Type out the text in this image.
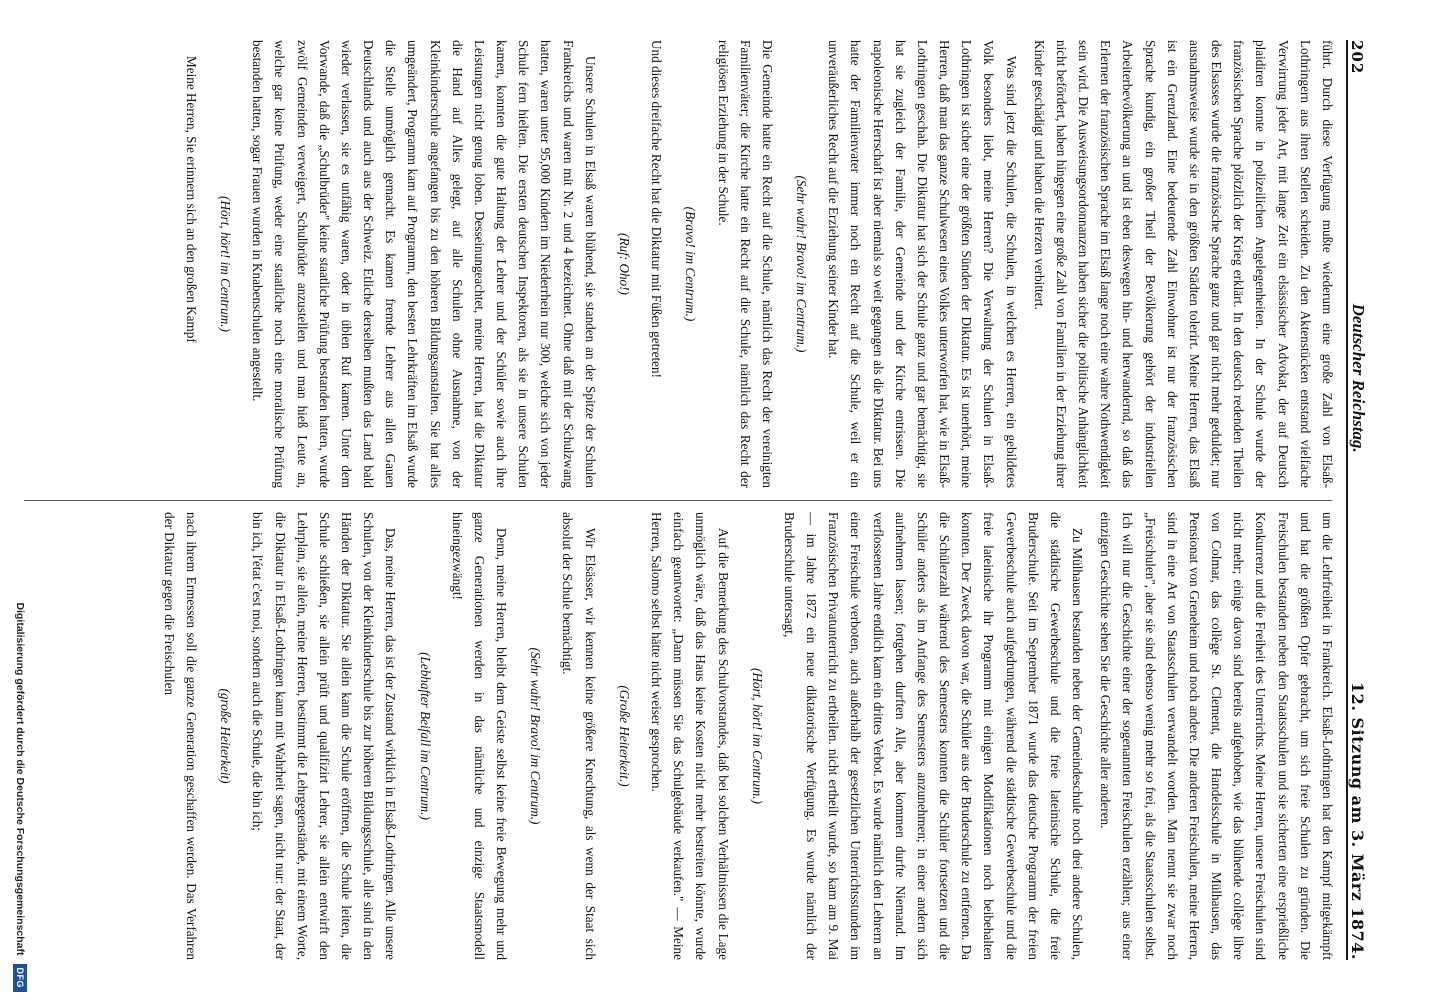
202
Deutscher Reichstag.
12. Sitzung am 3. März 1874.

führt. Durch diese Verfügung mußte wiederum eine große Zahl von Elsaß-Lothringern aus ihren Stellen scheiden. Zu den Aktenstücken entstand vielfache Verwirrung jeder Art, mit lange Zeit ein elsässischer Advokat, der auf Deutsch plaidiren konnte in polizeilichen Angelegenheiten. In der Schule wurde der französischen Sprache plötzlich der Krieg erklärt. In den deutsch redenden Theilen des Elsasses wurde die französische Sprache ganz und gar nicht mehr geduldet; nur ausnahmsweise wurde sie in den größten Städten tolerirt. Meine Herren, das Elsaß ist ein Grenzland. Eine bedeutende Zahl Einwohner ist nur der französischen Sprache kundig, ein großer Theil der Bevölkerung gehört der industriellen Arbeiterbevölkerung an und ist eben deswegen hin- und herwandernd, so daß das Erlernen der französischen Sprache im Elsaß lange noch eine wahre Nothwendigkeit sein wird. Die Ausweisungsordonnanzen haben sicher die politische Anhänglichkeit nicht befördert, haben hingegen eine große Zahl von Familien in der Erziehung ihrer Kinder geschädigt und haben die Herzen verbittert.

Was sind jetzt die Schulen, die Schulen, in welchen es Herren, ein gebildetes Volk besonders liebt, meine Herren? Die Verwaltung der Schulen in Elsaß-Lothringen ist sicher eine der größten Sünden der Diktatur. Es ist unerhört, meine Herren, daß man das ganze Schulwesen eines Volkes unterworfen hat, wie in Elsaß-Lothringen geschah. Die Diktatur hat sich der Schule ganz und gar bemächtigt, sie hat sie zugleich der Familie, der Gemeinde und der Kirche entrissen. Die napoleonische Herrschaft ist aber niemals so weit gegangen als die Diktatur. Bei uns hatte der Familienvater immer noch ein Recht auf die Schule, weil er ein unveräußerliches Recht auf die Erziehung seiner Kinder hat.

(Sehr wahr! Bravo! im Centrum.)

Die Gemeinde hatte ein Recht auf die Schule, nämlich das Recht der vereinigten Familienväter; die Kirche hatte ein Recht auf die Schule, nämlich das Recht der religiösen Erziehung in der Schule.

(Bravo! im Centrum.)

Und dieses dreifache Recht hat die Diktatur mit Füßen getreten!

(Ruf: Oho!)

Unsere Schulen in Elsaß waren blühend, sie standen an der Spitze der Schulen Frankreichs und waren mit Nr. 2 und 4 bezeichnet. Ohne daß mit der Schulzwang hatten, waren unter 95,000 Kindern im Niederrhein nur 300, welche sich von jeder Schule fern hielten. Die ersten deutschen Inspektoren, als sie in unsere Schulen kamen, konnten die gute Haltung der Lehrer und der Schüler sowie auch ihre Leistungen nicht genug loben. Desseinungeachtet, meine Herren, hat die Diktatur die Hand auf Alles gelegt, auf alle Schulen ohne Ausnahme, von der Kleinkinderschule angefangen bis zu den höheren Bildungsanstalten. Sie hat alles umgeändert, Programm kam auf Programm, den besten Lehrkräften im Elsaß wurde die Stelle unmöglich gemacht. Es kamen fremde Lehrer aus allen Gauen Deutschlands und auch aus der Schweiz. Etliche derselben mußten das Land bald wieder verlassen, sie es unfähig waren, oder in üblen Ruf kamen. Unter dem Vorwande, daß die „Schulbrüder" keine staatliche Prüfung bestanden hatten, wurde zwölf Gemeinden verweigert, Schulbrüder anzustellen und man hieß Leute an, welche gar keine Prüfung, weder eine staatliche noch eine moralische Prüfung bestanden hatten, sogar Frauen wurden in Knabenschulen angestellt.

(Hört, hört! im Centrum.)

Meine Herren, Sie erinnern sich an den großen Kampf

um die Lehrfreiheit in Frankreich. Elsaß-Lothringen hat den Kampf mitgekämpft und hat die größten Opfer gebracht, um sich freie Schulen zu gründen. Die Freischulen bestanden neben den Staatsschulen und sie sicherten eine ersprießliche Konkurrenz und die Freiheit des Unterrichts. Meine Herren, unsere Freischulen sind nicht mehr; einige davon sind bereits aufgehoben, wie das blühende collège libre von Colmar, das collège St. Clement, die Handelsschule in Mülhausen, das Pensionat von Greneheim und noch andere. Die anderen Freischulen, meine Herren, sind in eine Art von Staatsschulen verwandelt worden. Man nennt sie zwar noch „Freischulen", aber sie sind ebenso wenig mehr so frei, als die Staatsschulen selbst. Ich will nur die Geschichte einer der sogenannten Freischulen erzählen; aus einer einzigen Geschichte sehen Sie die Geschichte aller anderen.

Zu Mülhausen bestanden neben der Gemeindeschule noch drei andere Schulen, die städtische Gewerbeschule und die freie lateinische Schule, die freie Bruderschule. Seit im September 1871 wurde das deutsche Programm der freien Gewerbeschule auch aufgedrungen, während die städtische Gewerbeschule und die freie lateinische ihr Programm mit einigen Modifikationen noch beibehalten konnten. Der Zweck davon war, die Schüler aus der Bruderschule zu entfernen. Da die Schülerzahl während des Semesters konnten die Schüler fortsetzen und die Schüler anders als im Anfange des Semesters anzunehmen; in einer andern sich aufnehmen lassen; fortgehen durften Alle, aber kommen durfte Niemand. Im verflossenen Jahre endlich kam ein drittes Verbot. Es wurde nämlich den Lehrern an einer Freischule verboten, auch außerhalb der gesetzlichen Unterrichtsstunden im Französischen Privatunterricht zu ertheilen. nicht ertheilt wurde, so kam am 9. Mai — im Jahre 1872 ein neue diktatorische Verfügung. Es wurde nämlich der Bruderschule untersagt,

(Hört, hört! im Centrum.)

Auf die Bemerkung des Schulvorstandes, daß bei solchen Verhältnissen die Lage unmöglich wäre, daß das Haus keine Kosten nicht mehr bestreiten könnte, wurde einfach geantwortet: „Dann müssen Sie das Schulgebäude verkaufen." — Meine Herren, Salomo selbst hätte nicht weiser gesprochen.

(Große Heiterkeit.)

Wir Elsässer, wir kennen keine größere Knechtung, als wenn der Staat sich absolut der Schule bemächtigt.

(Sehr wahr! Bravo! im Centrum.)

Denn, meine Herren, bleibt dem Geiste selbst keine freie Bewegung mehr und ganze Generationen werden in das nämliche und einzige Staatsmodell hineingezwängt!

(Lebhafter Beifall im Centrum.)

Das, meine Herren, das ist der Zustand wirklich in Elsaß-Lothringen. Alle unsere Schulen, von der Kleinkinderschule bis zur höheren Bildungsschule, alle sind in den Händen der Diktatur. Sie allein kann die Schule eröffnen, die Schule leiten, die Schule schließen, sie allein prüft und qualifizirt Lehrer, sie allein entwirft den Lehrplan, sie allein, meine Herren, bestimmt die Lehrgegenstände, mit einem Worte, die Diktatur in Elsaß-Lothringen kann mit Wahrheit sagen, nicht nur: der Staat, der bin ich, l'état c'est moi, sondern auch die Schule, die bin ich;

(große Heiterkeit)

nach ihrem Ermessen soll die ganze Generation geschaffen werden. Das Verfahren der Diktatur gegen die Freischulen

Digitalisierung gefördert durch die Deutsche Forschungsgemeinschaft
DFG
